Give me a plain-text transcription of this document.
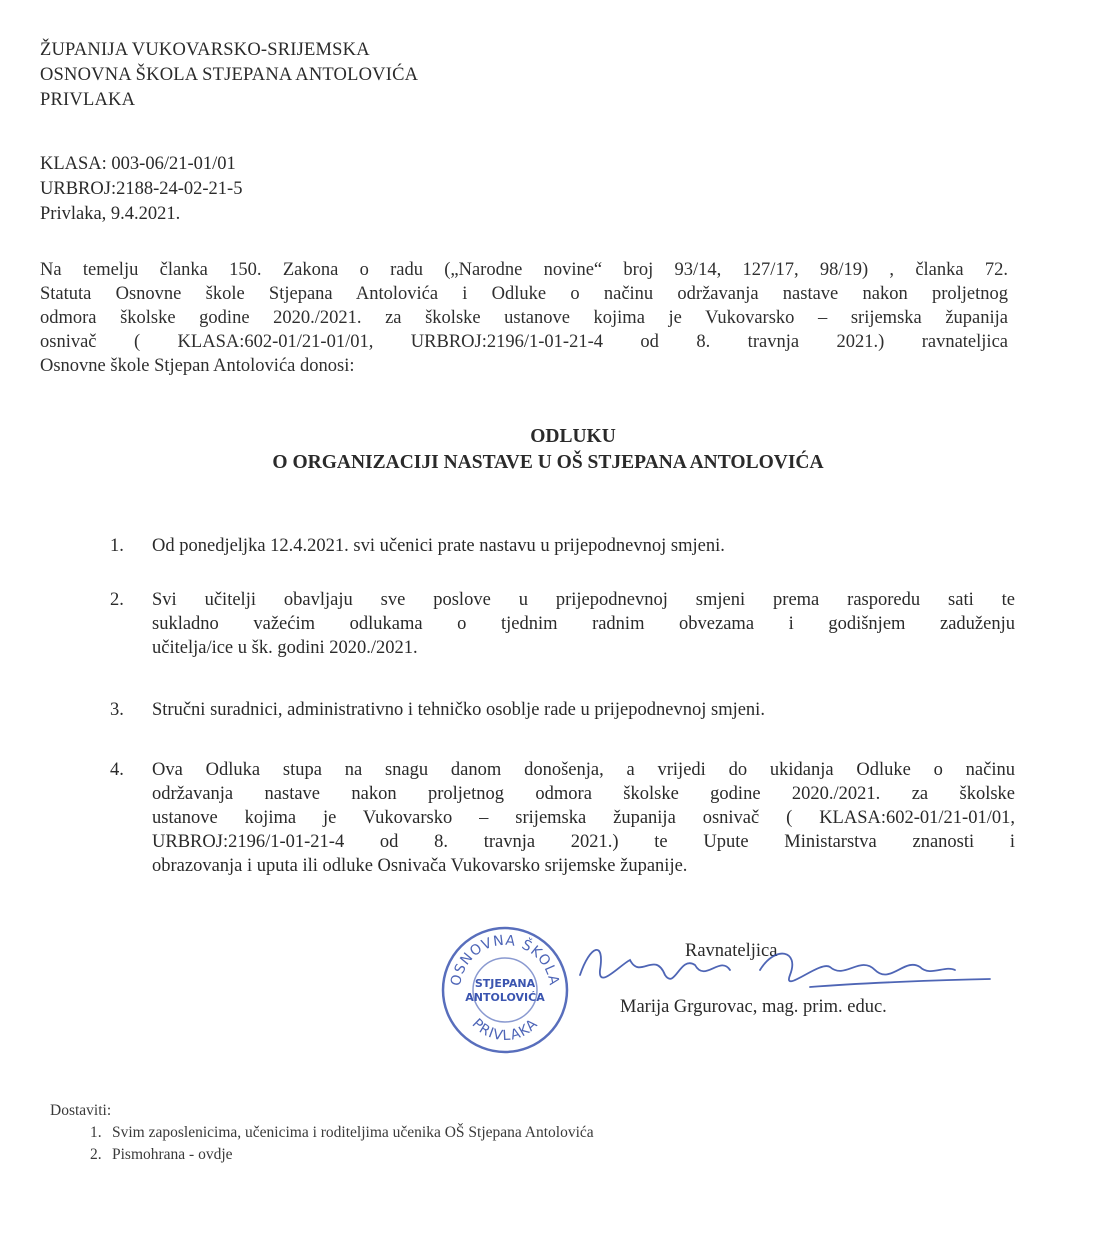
ŽUPANIJA VUKOVARSKO-SRIJEMSKA
OSNOVNA ŠKOLA STJEPANA ANTOLOVIĆA
PRIVLAKA
KLASA: 003-06/21-01/01
URBROJ:2188-24-02-21-5
Privlaka, 9.4.2021.
Na temelju članka 150. Zakona o radu („Narodne novine“ broj 93/14, 127/17, 98/19) , članka 72.
Statuta Osnovne škole Stjepana Antolovića i Odluke o načinu održavanja nastave nakon proljetnog
odmora školske godine 2020./2021. za školske ustanove kojima je Vukovarsko – srijemska županija
osnivač ( KLASA:602-01/21-01/01, URBROJ:2196/1-01-21-4 od 8. travnja 2021.) ravnateljica
Osnovne škole Stjepan Antolovića donosi:
ODLUKU
O ORGANIZACIJI NASTAVE U OŠ STJEPANA ANTOLOVIĆA
1.	Od ponedjeljka 12.4.2021. svi učenici prate nastavu u prijepodnevnoj smjeni.
2.	Svi učitelji obavljaju sve poslove u prijepodnevnoj smjeni prema rasporedu sati te
sukladno važećim odlukama o tjednim radnim obvezama i godišnjem zaduženju
učitelja/ice u šk. godini 2020./2021.
3.	Stručni suradnici, administrativno i tehničko osoblje rade u prijepodnevnoj smjeni.
4.	Ova Odluka stupa na snagu danom donošenja, a vrijedi do ukidanja Odluke o načinu
održavanja nastave nakon proljetnog odmora školske godine 2020./2021. za školske
ustanove kojima je Vukovarsko – srijemska županija osnivač ( KLASA:602-01/21-01/01,
URBROJ:2196/1-01-21-4 od 8. travnja 2021.) te Upute Ministarstva znanosti i
obrazovanja i uputa ili odluke Osnivača Vukovarsko srijemske županije.
OSNOVNA ŠKOLA
STJEPANA
ANTOLOVIĆA
PRIVLAKA
Ravnateljica
Marija Grgurovac, mag. prim. educ.
Dostaviti:
1. Svim zaposlenicima, učenicima i roditeljima učenika OŠ Stjepana Antolovića
2. Pismohrana - ovdje
